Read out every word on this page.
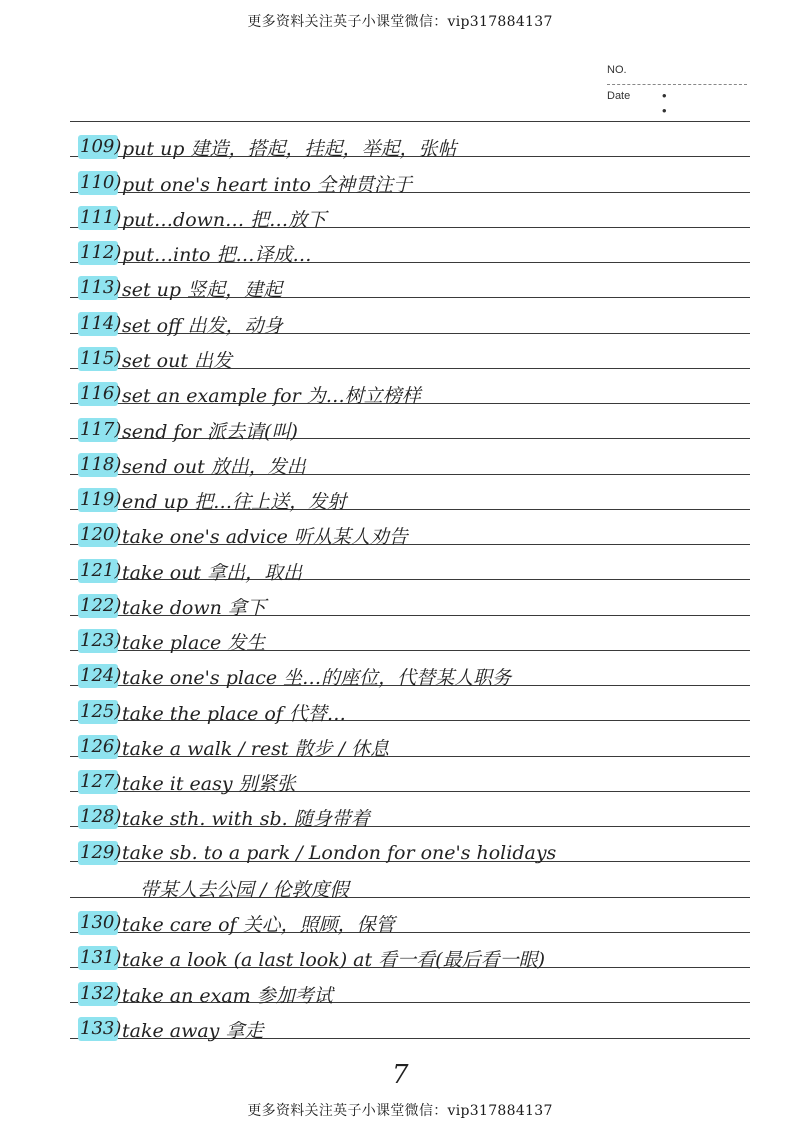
更多资料关注英子小课堂微信：vip317884137
NO.
Date • •
109) put up 建造，搭起，挂起，举起，张帖
110) put one's heart into 全神贯注于
111) put…down… 把…放下
112) put…into 把…译成…
113) set up 竖起，建起
114) set off 出发，动身
115) set out 出发
116) set an example for 为…树立榜样
117) send for 派去请(叫)
118) send out 放出，发出
119) end up 把…往上送，发射
120) take one's advice 听从某人劝告
121) take out 拿出，取出
122) take down 拿下
123) take place 发生
124) take one's place 坐…的座位，代替某人职务
125) take the place of 代替…
126) take a walk / rest 散步 / 休息
127) take it easy 别紧张
128) take sth. with sb. 随身带着
129) take sb. to a park / London for one's holidays
带某人去公园 / 伦敦度假
130) take care of 关心，照顾，保管
131) take a look (a last look) at 看一看(最后看一眼)
132) take an exam 参加考试
133) take away 拿走
7
更多资料关注英子小课堂微信：vip317884137
